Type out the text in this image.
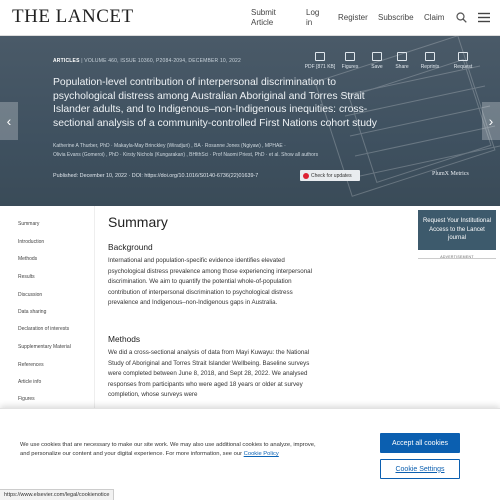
THE LANCET	Submit
Article
Log
in
Register Subscribe Claim
ARTICLES | VOLUME 460, ISSUE 10360, P2084-2094, DECEMBER 10, 2022
PDF [871 KB] Figures	Save	Share Reprints	Request
Population-level contribution of interpersonal discrimination to psychological distress among Australian Aboriginal and Torres Strait Islander adults, and to Indigenous–non-Indigenous inequities: cross-sectional analysis of a community-controlled First Nations cohort study
Katherine A Thurber, PhD · Makayla-May Brinckley (Wiradjuri) , BA · Rosanne Jones (Ngiyaw) , MPHAE ·
Olivia Evans (Gomeroi) , PhD · Kirsty Nichols (Kungarakan) , BHlthSci · Prof Naomi Priest, PhD · et al. Show all authors
Published: December 10, 2022 · DOI: https://doi.org/10.1016/S0140-6736(22)01639-7	Check for updates	PlumX Metrics
‹	›
Summary
Introduction
Methods
Results
Discussion
Data sharing
Declaration of interests
Supplementary Material
References
Article info
Figures
Summary
Background
International and population-specific evidence identifies elevated psychological distress prevalence among those experiencing interpersonal discrimination. We aim to quantify the potential whole-of-population contribution of interpersonal discrimination to psychological distress prevalence and Indigenous–non-Indigenous gaps in Australia.
Methods
We did a cross-sectional analysis of data from Mayi Kuwayu: the National Study of Aboriginal and Torres Strait Islander Wellbeing. Baseline surveys were completed between June 8, 2018, and Sept 28, 2022. We analysed responses from participants who were aged 18 years or older at survey completion, whose surveys were
Request Your Institutional Access to the Lancet journal
ADVERTISEMENT
We use cookies that are necessary to make our site work. We may also use additional cookies to analyze, improve, and personalize our content and your digital experience. For more information, see our Cookie Policy
Accept all cookies
Cookie Settings
https://www.elsevier.com/legal/cookienotice
